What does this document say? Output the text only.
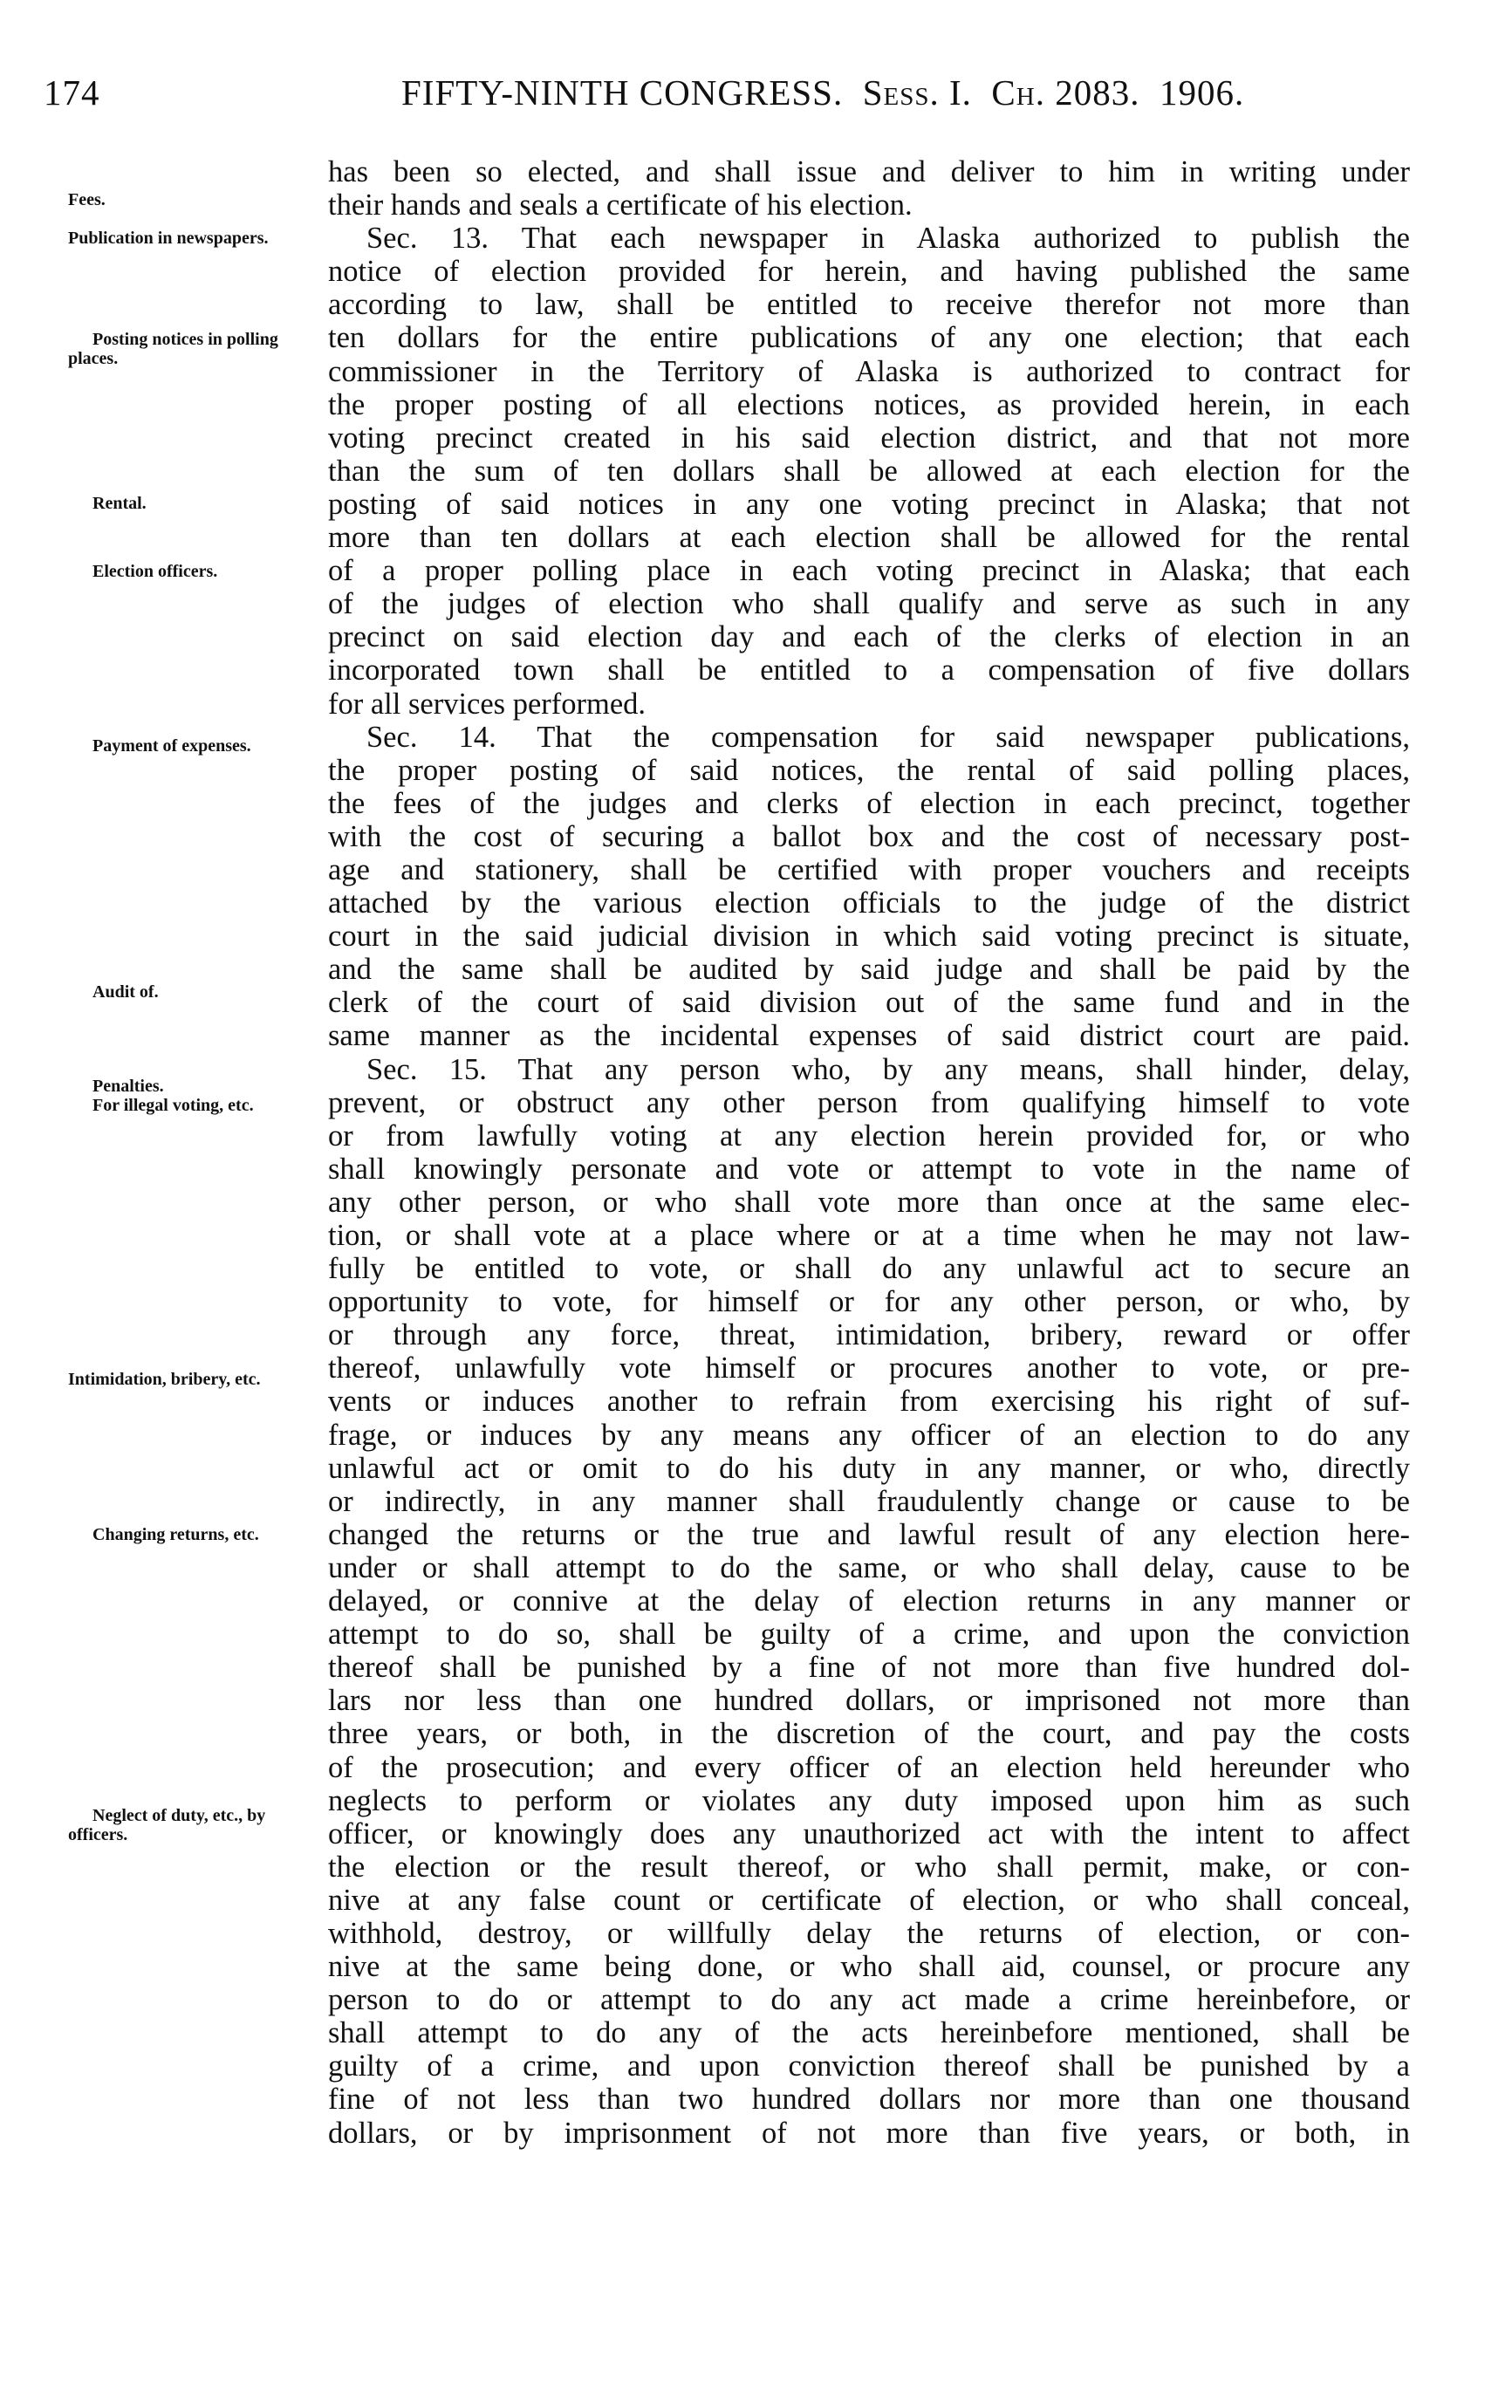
174	FIFTY-NINTH CONGRESS. Sess. I. Ch. 2083. 1906.
Fees.
Publication in newspapers.
Posting notices in polling places.
Rental.
Election officers.
Payment of expenses.
Audit of.
Penalties.
For illegal voting, etc.
Intimidation, bribery, etc.
Changing returns, etc.
Neglect of duty, etc., by officers.
has been so elected, and shall issue and deliver to him in writing under
their hands and seals a certificate of his election.
Sec. 13. That each newspaper in Alaska authorized to publish the
notice of election provided for herein, and having published the same
according to law, shall be entitled to receive therefor not more than
ten dollars for the entire publications of any one election; that each
commissioner in the Territory of Alaska is authorized to contract for
the proper posting of all elections notices, as provided herein, in each
voting precinct created in his said election district, and that not more
than the sum of ten dollars shall be allowed at each election for the
posting of said notices in any one voting precinct in Alaska; that not
more than ten dollars at each election shall be allowed for the rental
of a proper polling place in each voting precinct in Alaska; that each
of the judges of election who shall qualify and serve as such in any
precinct on said election day and each of the clerks of election in an
incorporated town shall be entitled to a compensation of five dollars
for all services performed.
Sec. 14. That the compensation for said newspaper publications,
the proper posting of said notices, the rental of said polling places,
the fees of the judges and clerks of election in each precinct, together
with the cost of securing a ballot box and the cost of necessary post-
age and stationery, shall be certified with proper vouchers and receipts
attached by the various election officials to the judge of the district
court in the said judicial division in which said voting precinct is situate,
and the same shall be audited by said judge and shall be paid by the
clerk of the court of said division out of the same fund and in the
same manner as the incidental expenses of said district court are paid.
Sec. 15. That any person who, by any means, shall hinder, delay,
prevent, or obstruct any other person from qualifying himself to vote
or from lawfully voting at any election herein provided for, or who
shall knowingly personate and vote or attempt to vote in the name of
any other person, or who shall vote more than once at the same elec-
tion, or shall vote at a place where or at a time when he may not law-
fully be entitled to vote, or shall do any unlawful act to secure an
opportunity to vote, for himself or for any other person, or who, by
or through any force, threat, intimidation, bribery, reward or offer
thereof, unlawfully vote himself or procures another to vote, or pre-
vents or induces another to refrain from exercising his right of suf-
frage, or induces by any means any officer of an election to do any
unlawful act or omit to do his duty in any manner, or who, directly
or indirectly, in any manner shall fraudulently change or cause to be
changed the returns or the true and lawful result of any election here-
under or shall attempt to do the same, or who shall delay, cause to be
delayed, or connive at the delay of election returns in any manner or
attempt to do so, shall be guilty of a crime, and upon the conviction
thereof shall be punished by a fine of not more than five hundred dol-
lars nor less than one hundred dollars, or imprisoned not more than
three years, or both, in the discretion of the court, and pay the costs
of the prosecution; and every officer of an election held hereunder who
neglects to perform or violates any duty imposed upon him as such
officer, or knowingly does any unauthorized act with the intent to affect
the election or the result thereof, or who shall permit, make, or con-
nive at any false count or certificate of election, or who shall conceal,
withhold, destroy, or willfully delay the returns of election, or con-
nive at the same being done, or who shall aid, counsel, or procure any
person to do or attempt to do any act made a crime hereinbefore, or
shall attempt to do any of the acts hereinbefore mentioned, shall be
guilty of a crime, and upon conviction thereof shall be punished by a
fine of not less than two hundred dollars nor more than one thousand
dollars, or by imprisonment of not more than five years, or both, in
